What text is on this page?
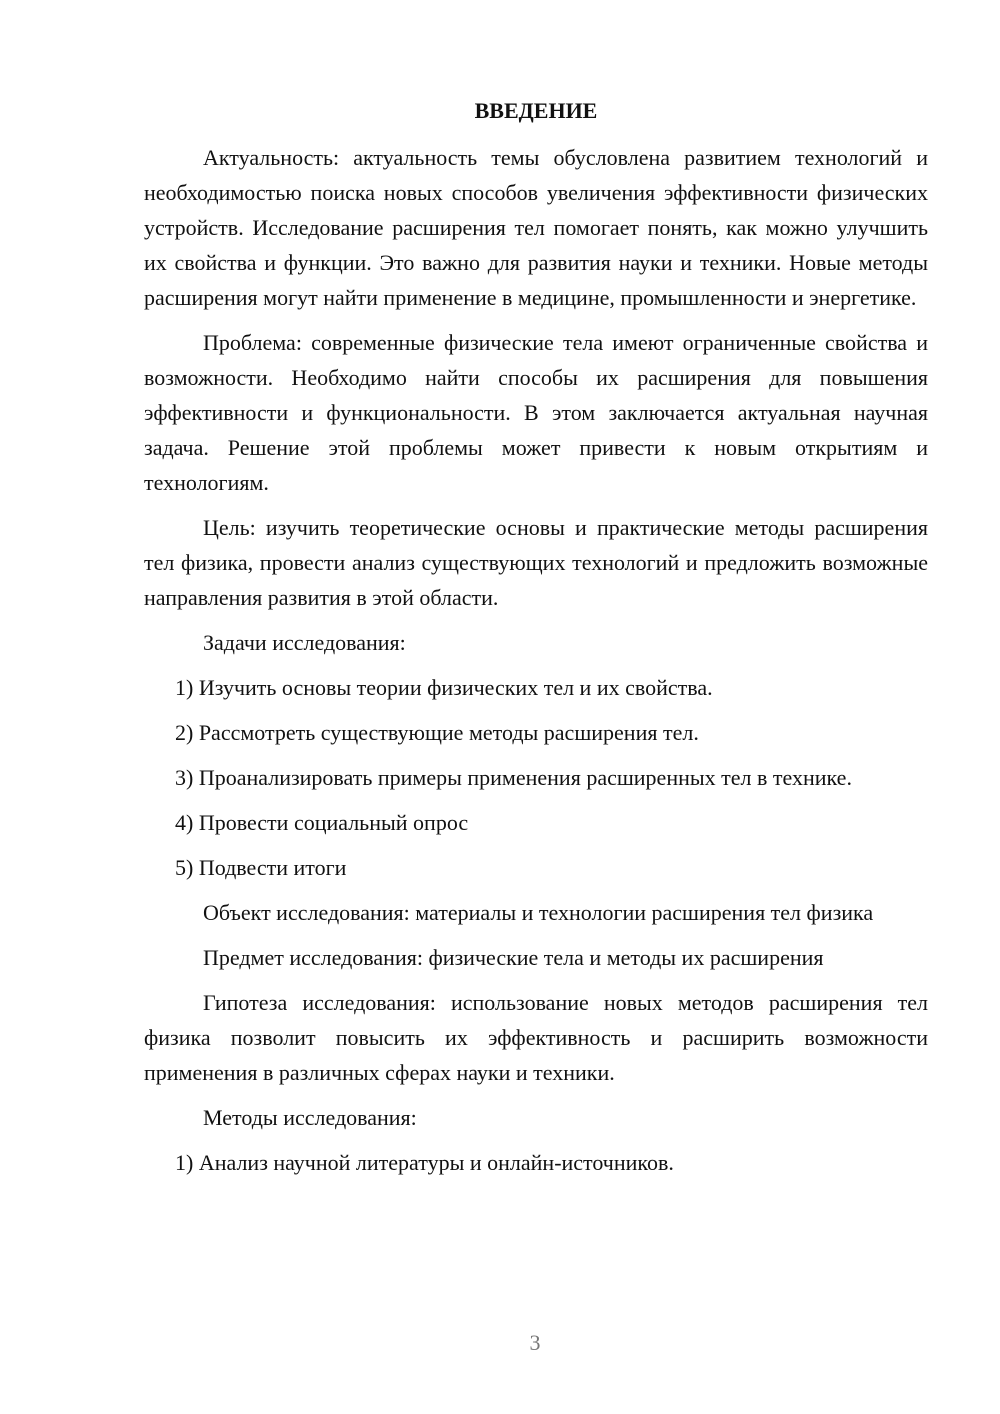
ВВЕДЕНИЕ

Актуальность: актуальность темы обусловлена развитием технологий и необходимостью поиска новых способов увеличения эффективности физических устройств. Исследование расширения тел помогает понять, как можно улучшить их свойства и функции. Это важно для развития науки и техники. Новые методы расширения могут найти применение в медицине, промышленности и энергетике.

Проблема: современные физические тела имеют ограниченные свойства и возможности. Необходимо найти способы их расширения для повышения эффективности и функциональности. В этом заключается актуальная научная задача. Решение этой проблемы может привести к новым открытиям и технологиям.

Цель: изучить теоретические основы и практические методы расширения тел физика, провести анализ существующих технологий и предложить возможные направления развития в этой области.

Задачи исследования:

1) Изучить основы теории физических тел и их свойства.

2) Рассмотреть существующие методы расширения тел.

3) Проанализировать примеры применения расширенных тел в технике.

4) Провести социальный опрос

5) Подвести итоги

Объект исследования: материалы и технологии расширения тел физика

Предмет исследования: физические тела и методы их расширения

Гипотеза исследования: использование новых методов расширения тел физика позволит повысить их эффективность и расширить возможности применения в различных сферах науки и техники.

Методы исследования:

1) Анализ научной литературы и онлайн-источников.

3
